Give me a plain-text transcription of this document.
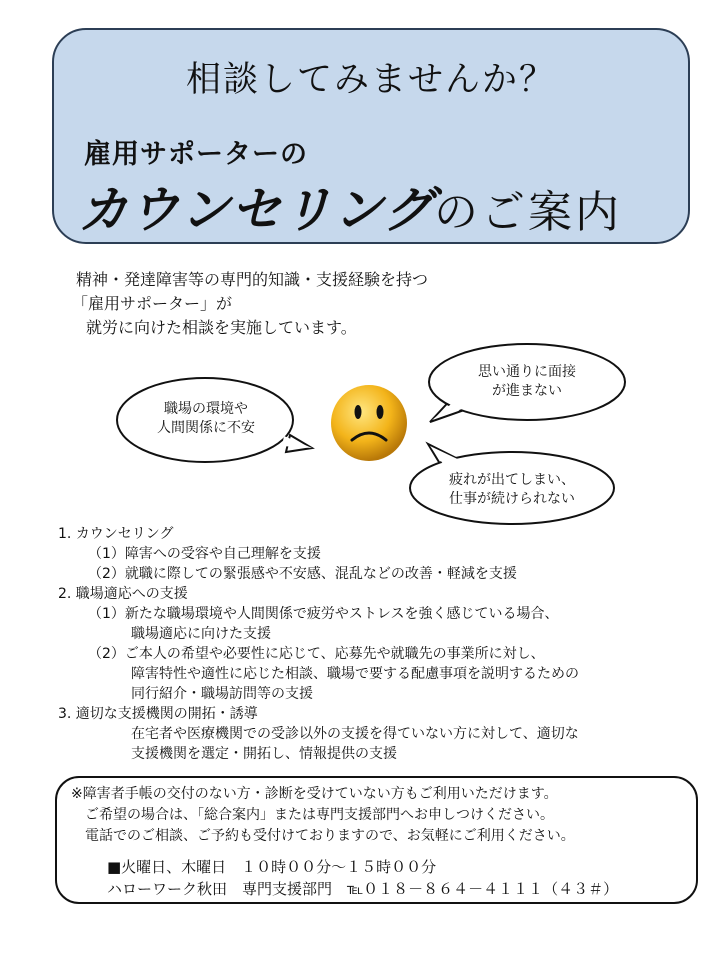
相談してみませんか？
雇用サポーターの
カウンセリングのご案内
精神・発達障害等の専門的知識・支援経験を持つ
「雇用サポーター」が
就労に向けた相談を実施しています。
職場の環境や
人間関係に不安
思い通りに面接
が進まない
疲れが出てしまい、
仕事が続けられない
1. カウンセリング
（1）障害への受容や自己理解を支援
（2）就職に際しての緊張感や不安感、混乱などの改善・軽減を支援
2. 職場適応への支援
（1）新たな職場環境や人間関係で疲労やストレスを強く感じている場合、
職場適応に向けた支援
（2）ご本人の希望や必要性に応じて、応募先や就職先の事業所に対し、
障害特性や適性に応じた相談、職場で要する配慮事項を説明するための
同行紹介・職場訪問等の支援
3. 適切な支援機関の開拓・誘導
在宅者や医療機関での受診以外の支援を得ていない方に対して、適切な
支援機関を選定・開拓し、情報提供の支援
※障害者手帳の交付のない方・診断を受けていない方もご利用いただけます。
ご希望の場合は、「総合案内」または専門支援部門へお申しつけください。
電話でのご相談、ご予約も受付けておりますので、お気軽にご利用ください。
■火曜日、木曜日　１０時００分～１５時００分
ハローワーク秋田　専門支援部門　℡０１８－８６４－４１１１（４３＃）
